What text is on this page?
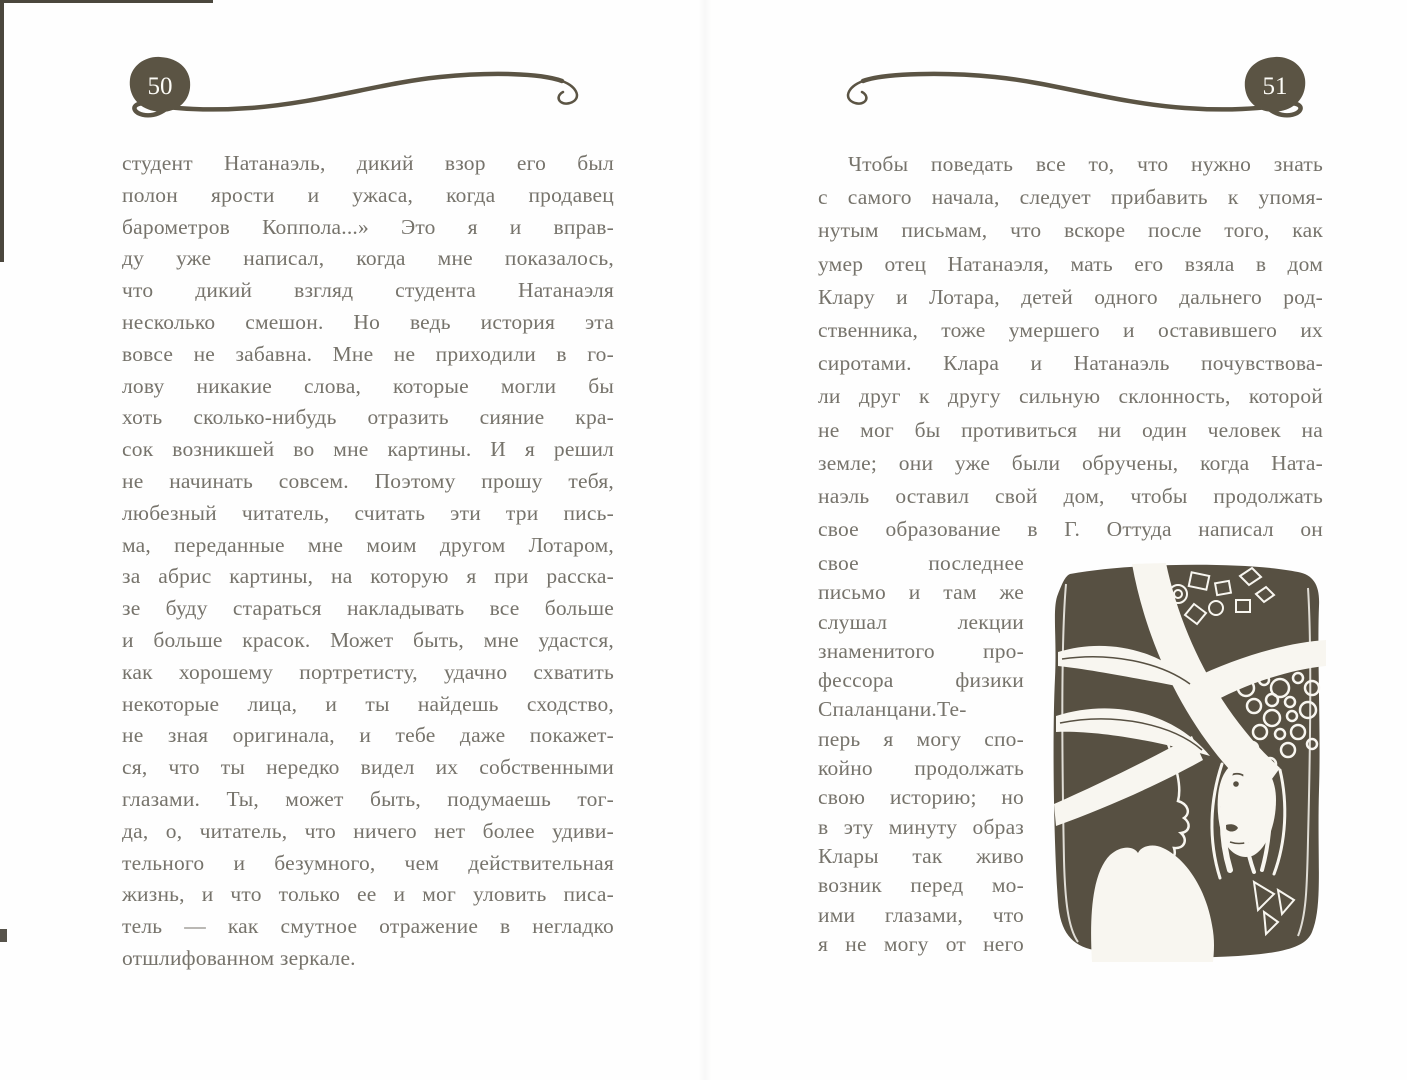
50
студент Натанаэль, дикий взор его был
полон ярости и ужаса, когда продавец
барометров Коппола...» Это я и вправ-
ду уже написал, когда мне показалось,
что дикий взгляд студента Натанаэля
несколько смешон. Но ведь история эта
вовсе не забавна. Мне не приходили в го-
лову никакие слова, которые могли бы
хоть сколько-нибудь отразить сияние кра-
сок возникшей во мне картины. И я решил
не начинать совсем. Поэтому прошу тебя,
любезный читатель, считать эти три пись-
ма, переданные мне моим другом Лотаром,
за абрис картины, на которую я при расска-
зе буду стараться накладывать все больше
и больше красок. Может быть, мне удастся,
как хорошему портретисту, удачно схватить
некоторые лица, и ты найдешь сходство,
не зная оригинала, и тебе даже покажет-
ся, что ты нередко видел их собственными
глазами. Ты, может быть, подумаешь тог-
да, о, читатель, что ничего нет более удиви-
тельного и безумного, чем действительная
жизнь, и что только ее и мог уловить писа-
тель — как смутное отражение в негладко
отшлифованном зеркале.
51
Чтобы поведать все то, что нужно знать
с самого начала, следует прибавить к упомя-
нутым письмам, что вскоре после того, как
умер отец Натанаэля, мать его взяла в дом
Клару и Лотара, детей одного дальнего род-
ственника, тоже умершего и оставившего их
сиротами. Клара и Натанаэль почувствова-
ли друг к другу сильную склонность, которой
не мог бы противиться ни один человек на
земле; они уже были обручены, когда Ната-
наэль оставил свой дом, чтобы продолжать
свое образование в Г. Оттуда написал он
свое последнее
письмо и там же
слушал лекции
знаменитого про-
фессора физики
Спаланцани.Те-
перь я могу спо-
койно продолжать
свою историю; но
в эту минуту образ
Клары так живо
возник перед мо-
ими глазами, что
я не могу от него
